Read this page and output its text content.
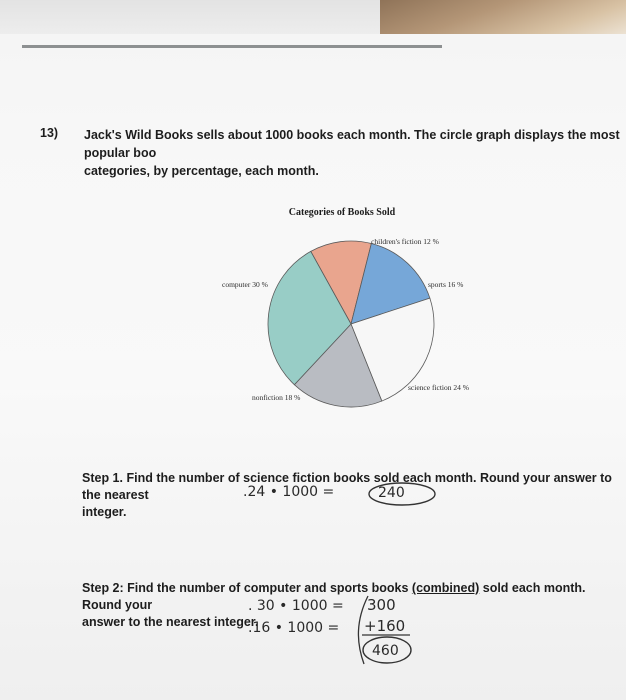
13) Jack's Wild Books sells about 1000 books each month. The circle graph displays the most popular boo
categories, by percentage, each month.
Categories of Books Sold
children's fiction 12 %
sports 16 %
science fiction 24 %
nonfiction 18 %
computer 30 %

Step 1. Find the number of science fiction books sold each month. Round your answer to the nearest
integer.

.24 • 1000 =	240

Step 2: Find the number of computer and sports books (combined) sold each month. Round your
answer to the nearest integer.

. 30 • 1000 = 300
.16 • 1000 = +160
460
